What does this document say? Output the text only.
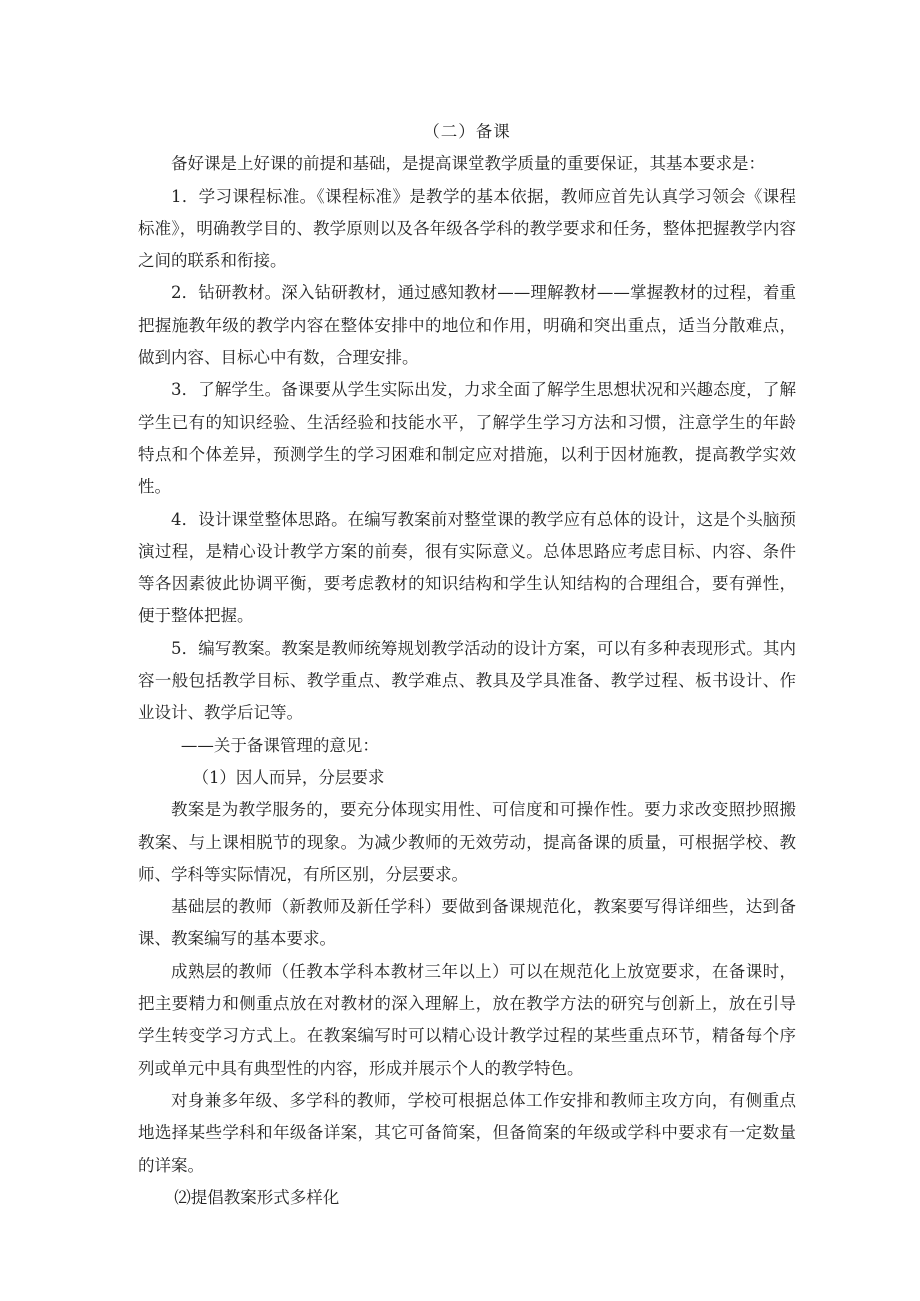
（二）备课

备好课是上好课的前提和基础，是提高课堂教学质量的重要保证，其基本要求是：

1．学习课程标准。《课程标准》是教学的基本依据，教师应首先认真学习领会《课程标准》，明确教学目的、教学原则以及各年级各学科的教学要求和任务，整体把握教学内容之间的联系和衔接。

2．钻研教材。深入钻研教材，通过感知教材——理解教材——掌握教材的过程，着重把握施教年级的教学内容在整体安排中的地位和作用，明确和突出重点，适当分散难点，做到内容、目标心中有数，合理安排。

3．了解学生。备课要从学生实际出发，力求全面了解学生思想状况和兴趣态度，了解学生已有的知识经验、生活经验和技能水平，了解学生学习方法和习惯，注意学生的年龄特点和个体差异，预测学生的学习困难和制定应对措施，以利于因材施教，提高教学实效性。

4．设计课堂整体思路。在编写教案前对整堂课的教学应有总体的设计，这是个头脑预演过程，是精心设计教学方案的前奏，很有实际意义。总体思路应考虑目标、内容、条件等各因素彼此协调平衡，要考虑教材的知识结构和学生认知结构的合理组合，要有弹性，便于整体把握。

5．编写教案。教案是教师统筹规划教学活动的设计方案，可以有多种表现形式。其内容一般包括教学目标、教学重点、教学难点、教具及学具准备、教学过程、板书设计、作业设计、教学后记等。

——关于备课管理的意见：

（1）因人而异，分层要求

教案是为教学服务的，要充分体现实用性、可信度和可操作性。要力求改变照抄照搬教案、与上课相脱节的现象。为减少教师的无效劳动，提高备课的质量，可根据学校、教师、学科等实际情况，有所区别，分层要求。

基础层的教师（新教师及新任学科）要做到备课规范化，教案要写得详细些，达到备课、教案编写的基本要求。

成熟层的教师（任教本学科本教材三年以上）可以在规范化上放宽要求，在备课时，把主要精力和侧重点放在对教材的深入理解上，放在教学方法的研究与创新上，放在引导学生转变学习方式上。在教案编写时可以精心设计教学过程的某些重点环节，精备每个序列或单元中具有典型性的内容，形成并展示个人的教学特色。

对身兼多年级、多学科的教师，学校可根据总体工作安排和教师主攻方向，有侧重点地选择某些学科和年级备详案，其它可备简案，但备简案的年级或学科中要求有一定数量的详案。

⑵提倡教案形式多样化
